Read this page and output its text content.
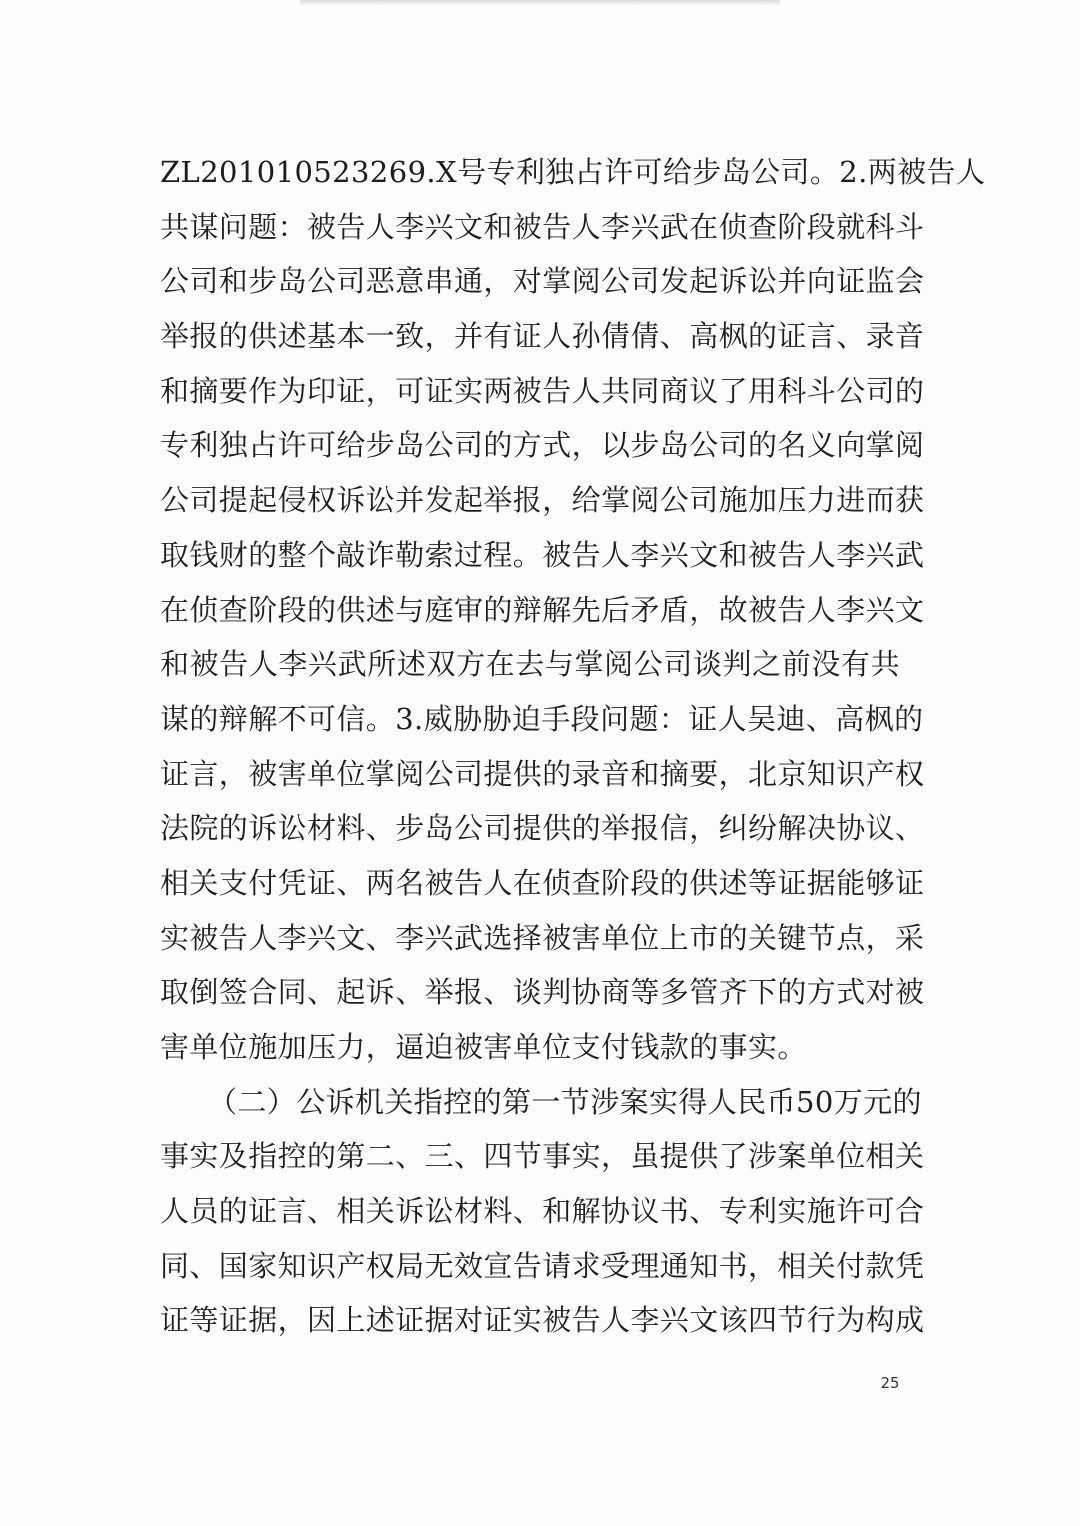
ZL201010523269.X号专利独占许可给步岛公司。2.两被告人
共谋问题：被告人李兴文和被告人李兴武在侦查阶段就科斗
公司和步岛公司恶意串通，对掌阅公司发起诉讼并向证监会
举报的供述基本一致，并有证人孙倩倩、高枫的证言、录音
和摘要作为印证，可证实两被告人共同商议了用科斗公司的
专利独占许可给步岛公司的方式，以步岛公司的名义向掌阅
公司提起侵权诉讼并发起举报，给掌阅公司施加压力进而获
取钱财的整个敲诈勒索过程。被告人李兴文和被告人李兴武
在侦查阶段的供述与庭审的辩解先后矛盾，故被告人李兴文
和被告人李兴武所述双方在去与掌阅公司谈判之前没有共
谋的辩解不可信。3.威胁胁迫手段问题：证人吴迪、高枫的
证言，被害单位掌阅公司提供的录音和摘要，北京知识产权
法院的诉讼材料、步岛公司提供的举报信，纠纷解决协议、
相关支付凭证、两名被告人在侦查阶段的供述等证据能够证
实被告人李兴文、李兴武选择被害单位上市的关键节点，采
取倒签合同、起诉、举报、谈判协商等多管齐下的方式对被
害单位施加压力，逼迫被害单位支付钱款的事实。
（二）公诉机关指控的第一节涉案实得人民币50万元的
事实及指控的第二、三、四节事实，虽提供了涉案单位相关
人员的证言、相关诉讼材料、和解协议书、专利实施许可合
同、国家知识产权局无效宣告请求受理通知书，相关付款凭
证等证据，因上述证据对证实被告人李兴文该四节行为构成
25
